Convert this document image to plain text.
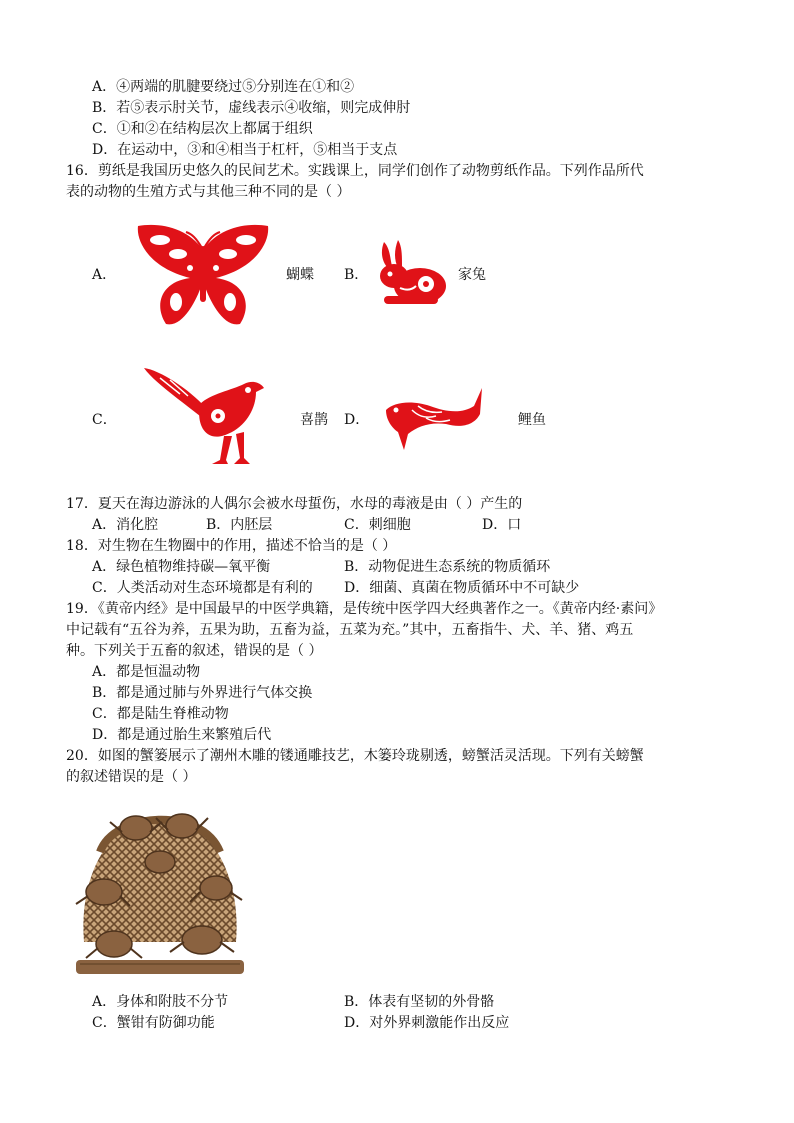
A．④两端的肌腱要绕过⑤分别连在①和②
B．若⑤表示肘关节，虚线表示④收缩，则完成伸肘
C．①和②在结构层次上都属于组织
D．在运动中，③和④相当于杠杆，⑤相当于支点
16．剪纸是我国历史悠久的民间艺术。实践课上，同学们创作了动物剪纸作品。下列作品所代
表的动物的生殖方式与其他三种不同的是（ ）
A．	蝴蝶 B．	家兔
C．	喜鹊 D．	鲤鱼
17．夏天在海边游泳的人偶尔会被水母蜇伤，水母的毒液是由（ ）产生的
A．消化腔	B．内胚层	C．刺细胞	D．口
18．对生物在生物圈中的作用，描述不恰当的是（ ）
A．绿色植物维持碳—氧平衡	B．动物促进生态系统的物质循环
C．人类活动对生态环境都是有利的 D．细菌、真菌在物质循环中不可缺少
19．《黄帝内经》是中国最早的中医学典籍，是传统中医学四大经典著作之一。《黄帝内经·素问》
中记载有“五谷为养，五果为助，五畜为益，五菜为充。”其中，五畜指牛、犬、羊、猪、鸡五
种。下列关于五畜的叙述，错误的是（ ）
A．都是恒温动物
B．都是通过肺与外界进行气体交换
C．都是陆生脊椎动物
D．都是通过胎生来繁殖后代
20．如图的蟹篓展示了潮州木雕的镂通雕技艺，木篓玲珑剔透，螃蟹活灵活现。下列有关螃蟹
的叙述错误的是（ ）
A．身体和附肢不分节	B．体表有坚韧的外骨骼
C．蟹钳有防御功能	D．对外界刺激能作出反应
